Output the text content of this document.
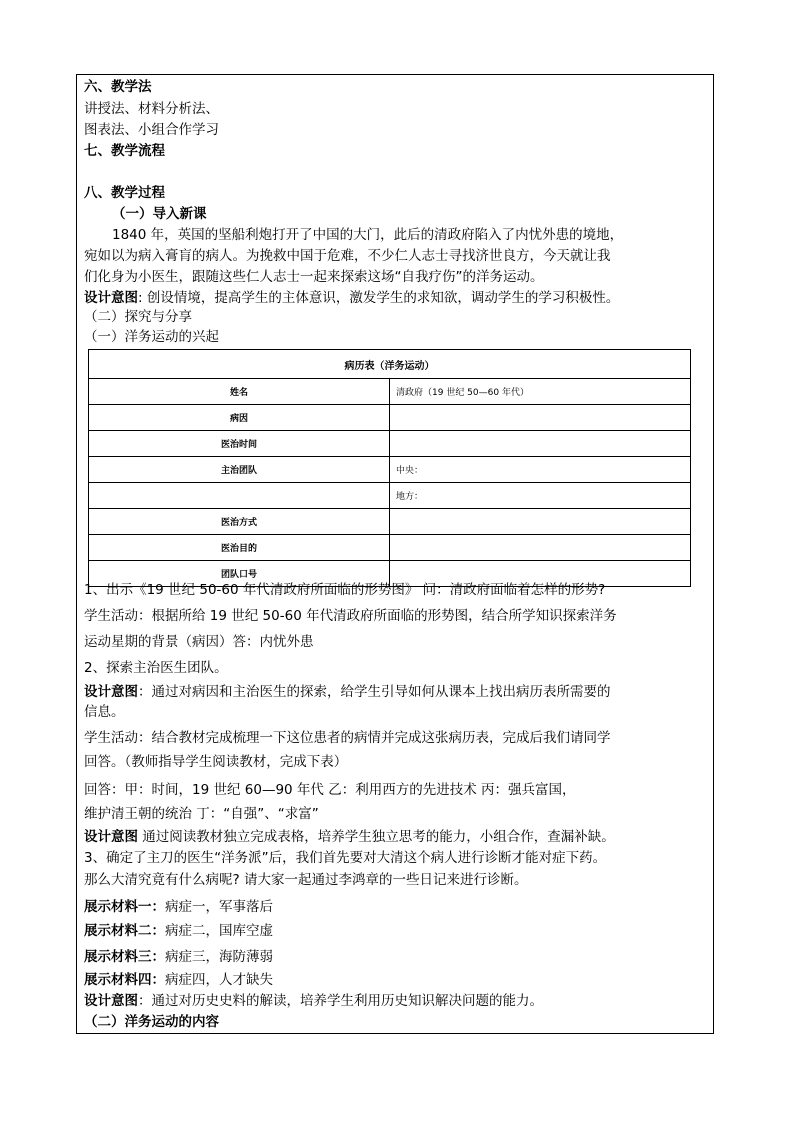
六、教学法
讲授法、材料分析法、
图表法、小组合作学习
七、教学流程
八、教学过程
（一）导入新课
1840 年，英国的坚船利炮打开了中国的大门，此后的清政府陷入了内忧外患的境地，
宛如以为病入膏肓的病人。为挽救中国于危难，不少仁人志士寻找济世良方，今天就让我
们化身为小医生，跟随这些仁人志士一起来探索这场“自我疗伤”的洋务运动。
设计意图: 创设情境，提高学生的主体意识，激发学生的求知欲，调动学生的学习积极性。
（二）探究与分享
（一）洋务运动的兴起
病历表（洋务运动）	
姓名	清政府（19 世纪 50—60 年代）
病因	
医治时间	
主治团队	中央：
	地方：
医治方式	
医治目的	
团队口号	
1、出示《19 世纪 50-60 年代清政府所面临的形势图》 问：清政府面临着怎样的形势?
学生活动：根据所给 19 世纪 50-60 年代清政府所面临的形势图，结合所学知识探索洋务
运动星期的背景（病因）答：内忧外患
2、探索主治医生团队。
设计意图：通过对病因和主治医生的探索，给学生引导如何从课本上找出病历表所需要的
信息。
学生活动：结合教材完成梳理一下这位患者的病情并完成这张病历表，完成后我们请同学
回答。（教师指导学生阅读教材，完成下表）
回答：甲：时间，19 世纪 60—90 年代 乙：利用西方的先进技术 丙：强兵富国，
维护清王朝的统治 丁：“自强”、“求富”
设计意图 通过阅读教材独立完成表格，培养学生独立思考的能力，小组合作，查漏补缺。
3、确定了主刀的医生“洋务派”后，我们首先要对大清这个病人进行诊断才能对症下药。
那么大清究竟有什么病呢? 请大家一起通过李鸿章的一些日记来进行诊断。
展示材料一：病症一，军事落后
展示材料二：病症二，国库空虚
展示材料三：病症三，海防薄弱
展示材料四：病症四，人才缺失
设计意图：通过对历史史料的解读，培养学生利用历史知识解决问题的能力。
（二）洋务运动的内容
